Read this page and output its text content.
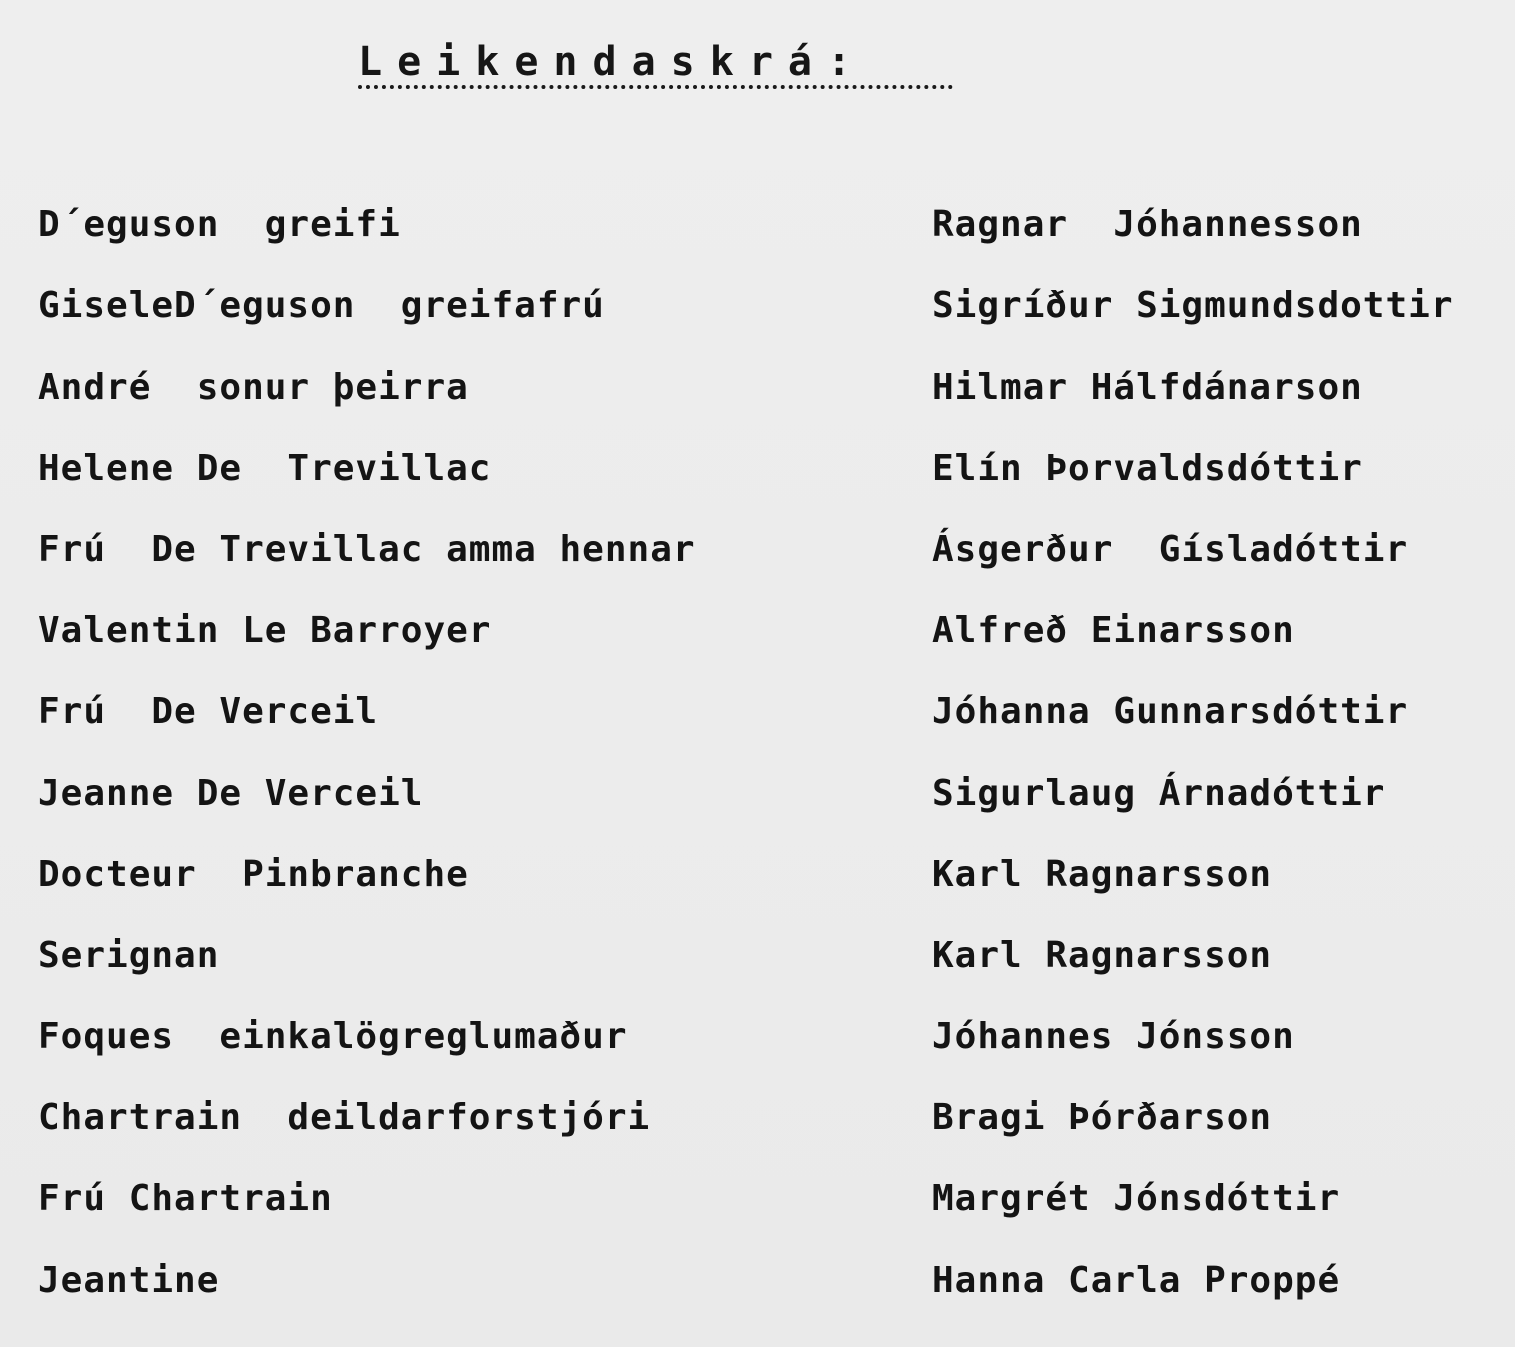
Leikendaskrá:
D´eguson  greifi	Ragnar  Jóhannesson
GiseleD´eguson  greifafrú	Sigríður Sigmundsdottir
André  sonur þeirra	Hilmar Hálfdánarson
Helene De  Trevillac	Elín Þorvaldsdóttir
Frú  De Trevillac amma hennar	Ásgerður  Gísladóttir
Valentin Le Barroyer	Alfreð Einarsson
Frú  De Verceil	Jóhanna Gunnarsdóttir
Jeanne De Verceil	Sigurlaug Árnadóttir
Docteur  Pinbranche	Karl Ragnarsson
Serignan	Karl Ragnarsson
Foques  einkalögreglumaður	Jóhannes Jónsson
Chartrain  deildarforstjóri	Bragi Þórðarson
Frú Chartrain	Margrét Jónsdóttir
Jeantine	Hanna Carla Proppé
